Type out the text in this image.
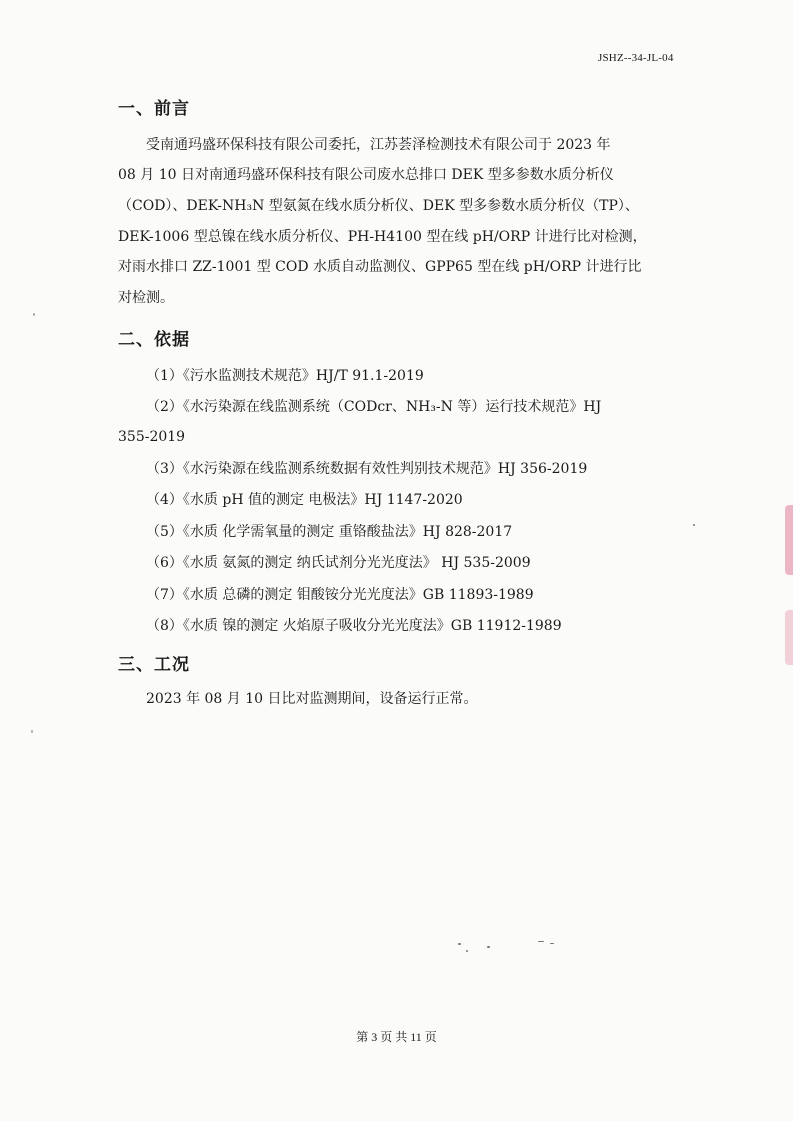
JSHZ--34-JL-04
一、前言
受南通玛盛环保科技有限公司委托，江苏荟泽检测技术有限公司于 2023 年
08 月 10 日对南通玛盛环保科技有限公司废水总排口 DEK 型多参数水质分析仪
（COD）、DEK-NH₃N 型氨氮在线水质分析仪、DEK 型多参数水质分析仪（TP）、
DEK-1006 型总镍在线水质分析仪、PH-H4100 型在线 pH/ORP 计进行比对检测，
对雨水排口 ZZ-1001 型 COD 水质自动监测仪、GPP65 型在线 pH/ORP 计进行比
对检测。
二、依据
（1）《污水监测技术规范》HJ/T 91.1-2019
（2）《水污染源在线监测系统（CODcr、NH₃-N 等）运行技术规范》HJ
355-2019
（3）《水污染源在线监测系统数据有效性判别技术规范》HJ 356-2019
（4）《水质 pH 值的测定 电极法》HJ 1147-2020
（5）《水质 化学需氧量的测定 重铬酸盐法》HJ 828-2017
（6）《水质 氨氮的测定 纳氏试剂分光光度法》 HJ 535-2009
（7）《水质 总磷的测定 钼酸铵分光光度法》GB 11893-1989
（8）《水质 镍的测定 火焰原子吸收分光光度法》GB 11912-1989
三、工况
2023 年 08 月 10 日比对监测期间，设备运行正常。
第 3 页 共 11 页
